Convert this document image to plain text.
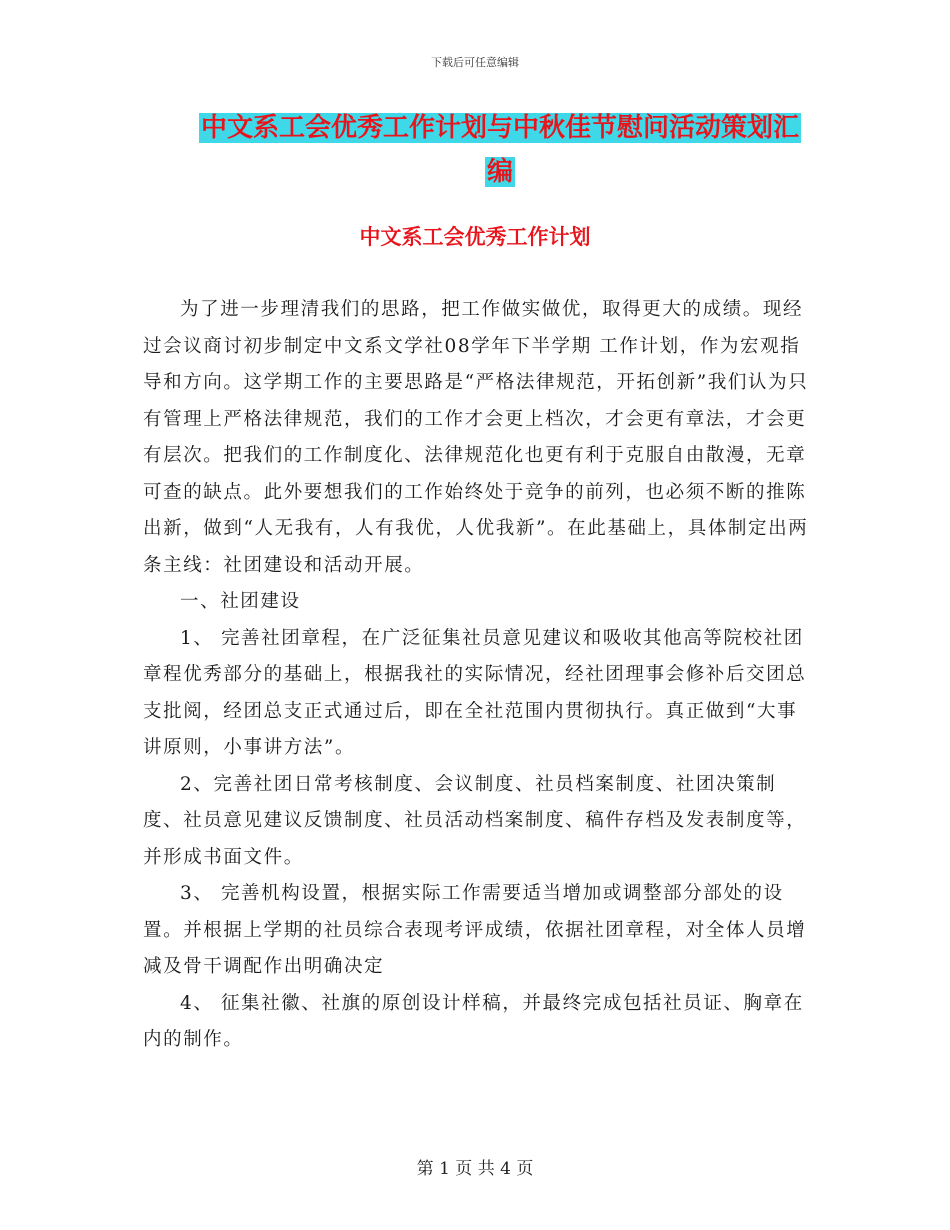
下载后可任意编辑
中文系工会优秀工作计划与中秋佳节慰问活动策划汇
编
中文系工会优秀工作计划

为了进一步理清我们的思路，把工作做实做优，取得更大的成绩。现经过会议商讨初步制定中文系文学社08学年下半学期 工作计划，作为宏观指导和方向。这学期工作的主要思路是“严格法律规范，开拓创新”我们认为只有管理上严格法律规范，我们的工作才会更上档次，才会更有章法，才会更有层次。把我们的工作制度化、法律规范化也更有利于克服自由散漫，无章可查的缺点。此外要想我们的工作始终处于竞争的前列，也必须不断的推陈出新，做到“人无我有，人有我优，人优我新”。在此基础上，具体制定出两条主线：社团建设和活动开展。

一、社团建设

1、 完善社团章程，在广泛征集社员意见建议和吸收其他高等院校社团章程优秀部分的基础上，根据我社的实际情况，经社团理事会修补后交团总支批阅，经团总支正式通过后，即在全社范围内贯彻执行。真正做到“大事讲原则，小事讲方法”。

2、完善社团日常考核制度、会议制度、社员档案制度、社团决策制度、社员意见建议反馈制度、社员活动档案制度、稿件存档及发表制度等，并形成书面文件。

3、 完善机构设置，根据实际工作需要适当增加或调整部分部处的设置。并根据上学期的社员综合表现考评成绩，依据社团章程，对全体人员增减及骨干调配作出明确决定

4、 征集社徽、社旗的原创设计样稿，并最终完成包括社员证、胸章在内的制作。

第 1 页 共 4 页
